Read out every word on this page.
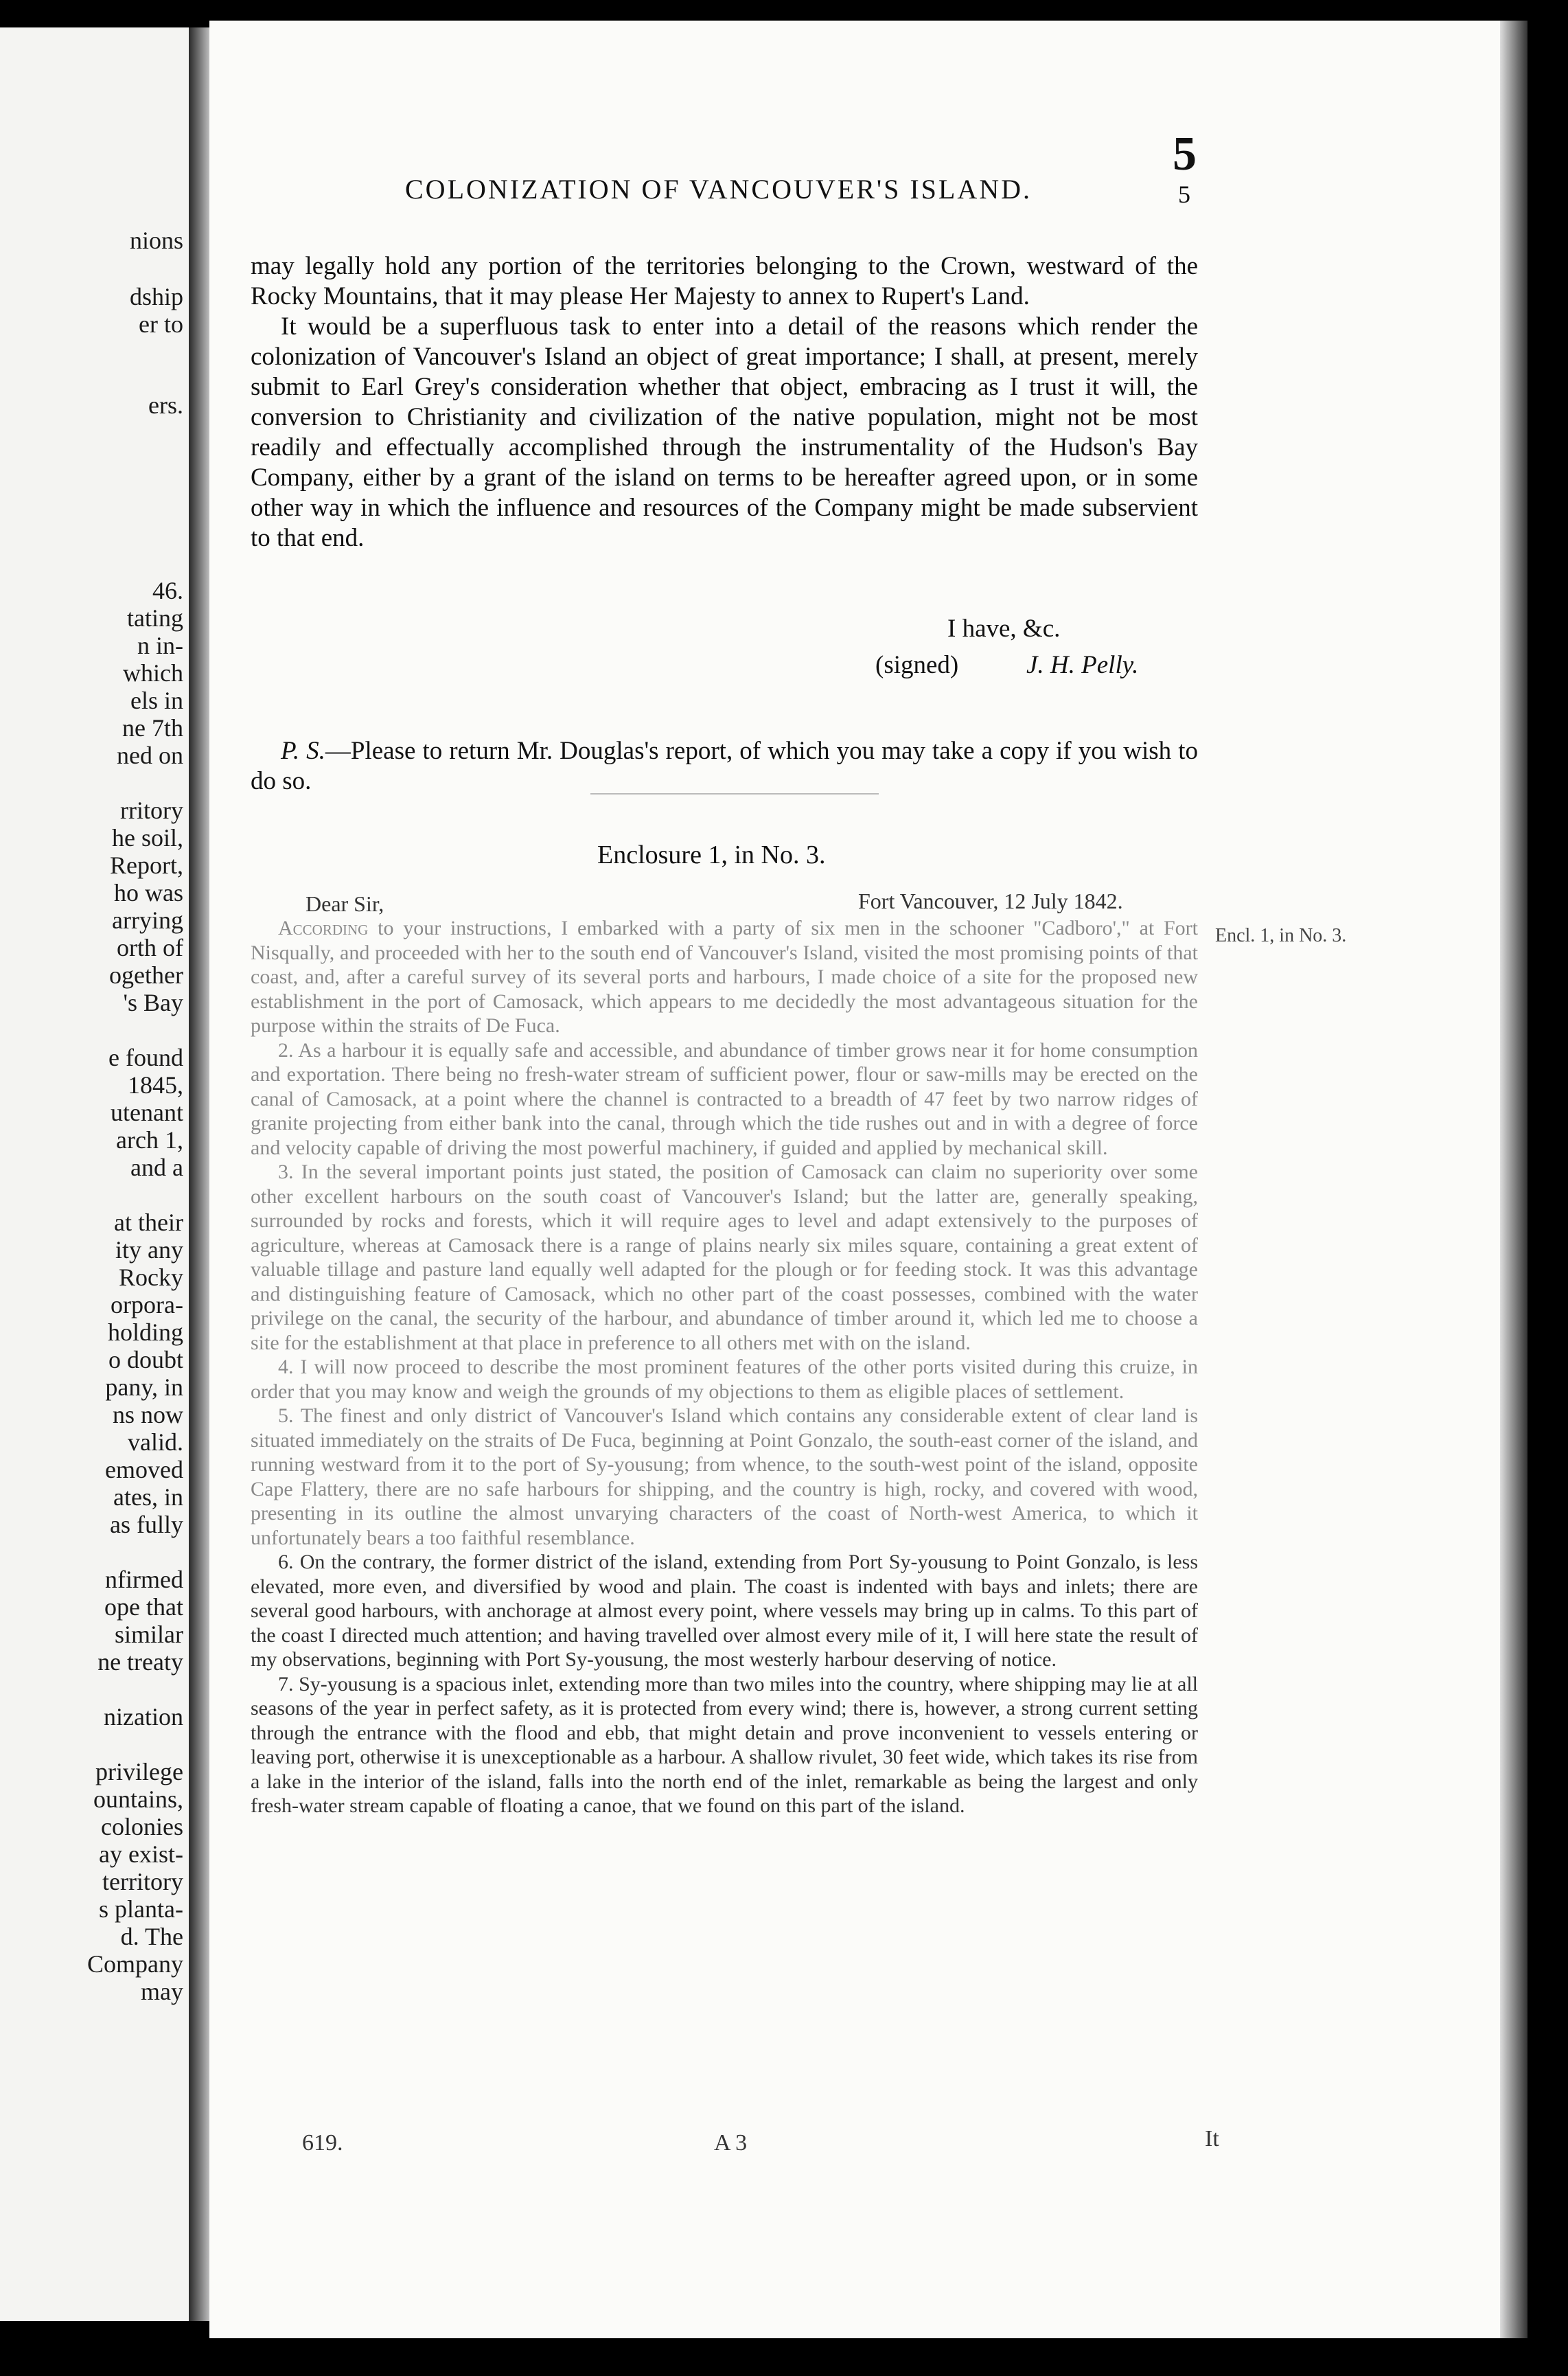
nions
dship
er to
ers.
46.
tating
n in-
which
els in
ne 7th
ned on
rritory
he soil,
Report,
ho was
arrying
orth of
ogether
's Bay
e found
1845,
utenant
arch 1,
and a
at their
ity any
Rocky
orpora-
holding
o doubt
pany, in
ns now
valid.
emoved
ates, in
as fully
nfirmed
ope that
similar
ne treaty
nization
privilege
ountains,
colonies
ay exist-
territory
s planta-
d. The
Company
may
COLONIZATION OF VANCOUVER'S ISLAND.
5
5

may legally hold any portion of the territories belonging to the Crown, westward of the Rocky Mountains, that it may please Her Majesty to annex to Rupert's Land.

It would be a superfluous task to enter into a detail of the reasons which render the colonization of Vancouver's Island an object of great importance; I shall, at present, merely submit to Earl Grey's consideration whether that object, embracing as I trust it will, the conversion to Christianity and civilization of the native population, might not be most readily and effectually accomplished through the instrumentality of the Hudson's Bay Company, either by a grant of the island on terms to be hereafter agreed upon, or in some other way in which the influence and resources of the Company might be made subservient to that end.

I have, &c.
(signed)	J. H. Pelly.

P. S.—Please to return Mr. Douglas's report, of which you may take a copy if you wish to do so.

Enclosure 1, in No. 3.
Encl. 1, in No. 3.
Dear Sir,	Fort Vancouver, 12 July 1842.

According to your instructions, I embarked with a party of six men in the schooner "Cadboro'," at Fort Nisqually, and proceeded with her to the south end of Vancouver's Island, visited the most promising points of that coast, and, after a careful survey of its several ports and harbours, I made choice of a site for the proposed new establishment in the port of Camosack, which appears to me decidedly the most advantageous situation for the purpose within the straits of De Fuca.

2. As a harbour it is equally safe and accessible, and abundance of timber grows near it for home consumption and exportation. There being no fresh-water stream of sufficient power, flour or saw-mills may be erected on the canal of Camosack, at a point where the channel is contracted to a breadth of 47 feet by two narrow ridges of granite projecting from either bank into the canal, through which the tide rushes out and in with a degree of force and velocity capable of driving the most powerful machinery, if guided and applied by mechanical skill.

3. In the several important points just stated, the position of Camosack can claim no superiority over some other excellent harbours on the south coast of Vancouver's Island; but the latter are, generally speaking, surrounded by rocks and forests, which it will require ages to level and adapt extensively to the purposes of agriculture, whereas at Camosack there is a range of plains nearly six miles square, containing a great extent of valuable tillage and pasture land equally well adapted for the plough or for feeding stock. It was this advantage and distinguishing feature of Camosack, which no other part of the coast possesses, combined with the water privilege on the canal, the security of the harbour, and abundance of timber around it, which led me to choose a site for the establishment at that place in preference to all others met with on the island.

4. I will now proceed to describe the most prominent features of the other ports visited during this cruize, in order that you may know and weigh the grounds of my objections to them as eligible places of settlement.

5. The finest and only district of Vancouver's Island which contains any considerable extent of clear land is situated immediately on the straits of De Fuca, beginning at Point Gonzalo, the south-east corner of the island, and running westward from it to the port of Sy-yousung; from whence, to the south-west point of the island, opposite Cape Flattery, there are no safe harbours for shipping, and the country is high, rocky, and covered with wood, presenting in its outline the almost unvarying characters of the coast of North-west America, to which it unfortunately bears a too faithful resemblance.

6. On the contrary, the former district of the island, extending from Port Sy-yousung to Point Gonzalo, is less elevated, more even, and diversified by wood and plain. The coast is indented with bays and inlets; there are several good harbours, with anchorage at almost every point, where vessels may bring up in calms. To this part of the coast I directed much attention; and having travelled over almost every mile of it, I will here state the result of my observations, beginning with Port Sy-yousung, the most westerly harbour deserving of notice.

7. Sy-yousung is a spacious inlet, extending more than two miles into the country, where shipping may lie at all seasons of the year in perfect safety, as it is protected from every wind; there is, however, a strong current setting through the entrance with the flood and ebb, that might detain and prove inconvenient to vessels entering or leaving port, otherwise it is unexceptionable as a harbour. A shallow rivulet, 30 feet wide, which takes its rise from a lake in the interior of the island, falls into the north end of the inlet, remarkable as being the largest and only fresh-water stream capable of floating a canoe, that we found on this part of the island.

619.	A 3	It
